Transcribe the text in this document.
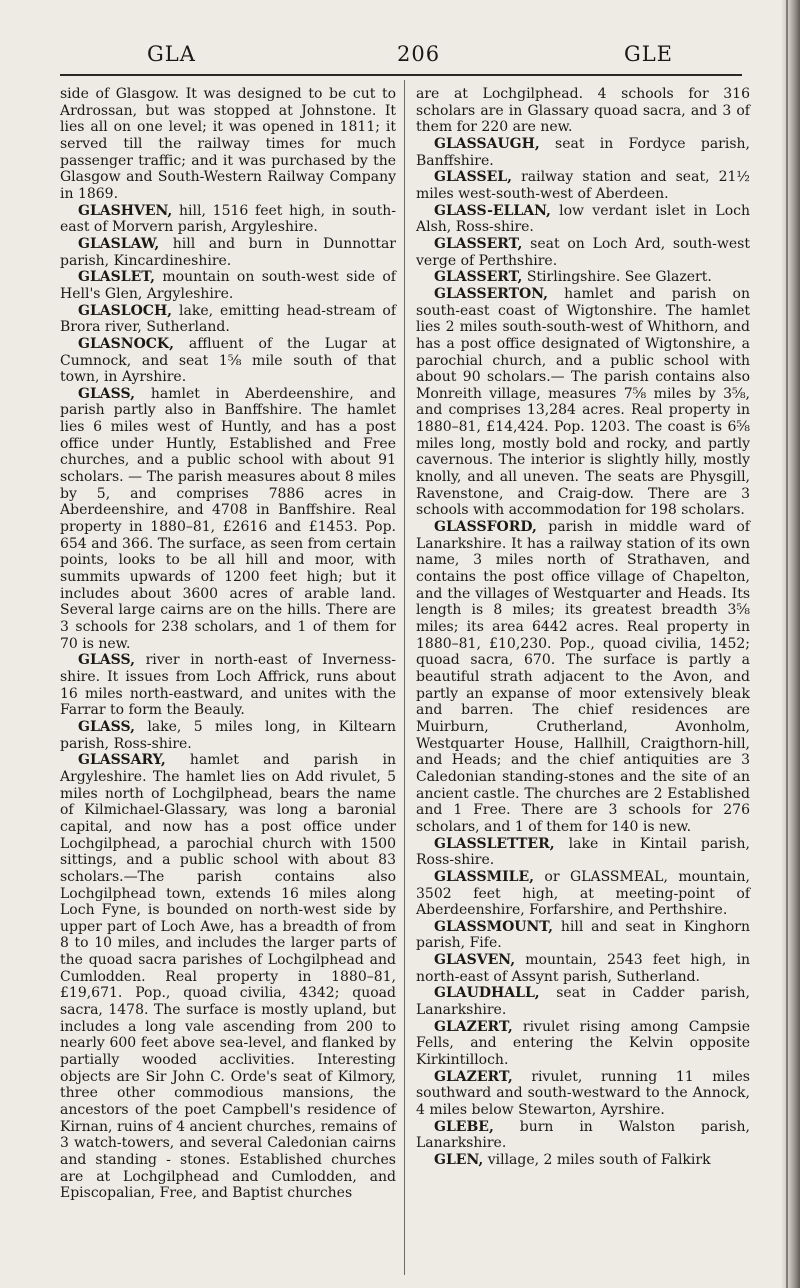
GLA	206	GLE

side of Glasgow. It was designed to be cut to Ardrossan, but was stopped at Johnstone. It lies all on one level; it was opened in 1811; it served till the railway times for much passenger traffic; and it was purchased by the Glasgow and South-Western Railway Company in 1869.

GLASHVEN, hill, 1516 feet high, in south-east of Morvern parish, Argyleshire.

GLASLAW, hill and burn in Dunnottar parish, Kincardineshire.

GLASLET, mountain on south-west side of Hell's Glen, Argyleshire.

GLASLOCH, lake, emitting head-stream of Brora river, Sutherland.

GLASNOCK, affluent of the Lugar at Cumnock, and seat 1⅝ mile south of that town, in Ayrshire.

GLASS, hamlet in Aberdeenshire, and parish partly also in Banffshire. The hamlet lies 6 miles west of Huntly, and has a post office under Huntly, Established and Free churches, and a public school with about 91 scholars. — The parish measures about 8 miles by 5, and comprises 7886 acres in Aberdeenshire, and 4708 in Banffshire. Real property in 1880–81, £2616 and £1453. Pop. 654 and 366. The surface, as seen from certain points, looks to be all hill and moor, with summits upwards of 1200 feet high; but it includes about 3600 acres of arable land. Several large cairns are on the hills. There are 3 schools for 238 scholars, and 1 of them for 70 is new.

GLASS, river in north-east of Inverness-shire. It issues from Loch Affrick, runs about 16 miles north-eastward, and unites with the Farrar to form the Beauly.

GLASS, lake, 5 miles long, in Kiltearn parish, Ross-shire.

GLASSARY, hamlet and parish in Argyleshire. The hamlet lies on Add rivulet, 5 miles north of Lochgilphead, bears the name of Kilmichael-Glassary, was long a baronial capital, and now has a post office under Lochgilphead, a parochial church with 1500 sittings, and a public school with about 83 scholars.—The parish contains also Lochgilphead town, extends 16 miles along Loch Fyne, is bounded on north-west side by upper part of Loch Awe, has a breadth of from 8 to 10 miles, and includes the larger parts of the quoad sacra parishes of Lochgilphead and Cumlodden. Real property in 1880–81, £19,671. Pop., quoad civilia, 4342; quoad sacra, 1478. The surface is mostly upland, but includes a long vale ascending from 200 to nearly 600 feet above sea-level, and flanked by partially wooded acclivities. Interesting objects are Sir John C. Orde's seat of Kilmory, three other commodious mansions, the ancestors of the poet Campbell's residence of Kirnan, ruins of 4 ancient churches, remains of 3 watch-towers, and several Caledonian cairns and standing - stones. Established churches are at Lochgilphead and Cumlodden, and Episcopalian, Free, and Baptist churches

are at Lochgilphead. 4 schools for 316 scholars are in Glassary quoad sacra, and 3 of them for 220 are new.

GLASSAUGH, seat in Fordyce parish, Banffshire.

GLASSEL, railway station and seat, 21½ miles west-south-west of Aberdeen.

GLASS-ELLAN, low verdant islet in Loch Alsh, Ross-shire.

GLASSERT, seat on Loch Ard, south-west verge of Perthshire.

GLASSERT, Stirlingshire. See Glazert.

GLASSERTON, hamlet and parish on south-east coast of Wigtonshire. The hamlet lies 2 miles south-south-west of Whithorn, and has a post office designated of Wigtonshire, a parochial church, and a public school with about 90 scholars.— The parish contains also Monreith village, measures 7⅝ miles by 3⅝, and comprises 13,284 acres. Real property in 1880–81, £14,424. Pop. 1203. The coast is 6⅝ miles long, mostly bold and rocky, and partly cavernous. The interior is slightly hilly, mostly knolly, and all uneven. The seats are Physgill, Ravenstone, and Craig-dow. There are 3 schools with accommodation for 198 scholars.

GLASSFORD, parish in middle ward of Lanarkshire. It has a railway station of its own name, 3 miles north of Strathaven, and contains the post office village of Chapelton, and the villages of Westquarter and Heads. Its length is 8 miles; its greatest breadth 3⅝ miles; its area 6442 acres. Real property in 1880–81, £10,230. Pop., quoad civilia, 1452; quoad sacra, 670. The surface is partly a beautiful strath adjacent to the Avon, and partly an expanse of moor extensively bleak and barren. The chief residences are Muirburn, Crutherland, Avonholm, Westquarter House, Hallhill, Craigthorn-hill, and Heads; and the chief antiquities are 3 Caledonian standing-stones and the site of an ancient castle. The churches are 2 Established and 1 Free. There are 3 schools for 276 scholars, and 1 of them for 140 is new.

GLASSLETTER, lake in Kintail parish, Ross-shire.

GLASSMILE, or GLASSMEAL, mountain, 3502 feet high, at meeting-point of Aberdeenshire, Forfarshire, and Perthshire.

GLASSMOUNT, hill and seat in Kinghorn parish, Fife.

GLASVEN, mountain, 2543 feet high, in north-east of Assynt parish, Sutherland.

GLAUDHALL, seat in Cadder parish, Lanarkshire.

GLAZERT, rivulet rising among Campsie Fells, and entering the Kelvin opposite Kirkintilloch.

GLAZERT, rivulet, running 11 miles southward and south-westward to the Annock, 4 miles below Stewarton, Ayrshire.

GLEBE, burn in Walston parish, Lanarkshire.

GLEN, village, 2 miles south of Falkirk
